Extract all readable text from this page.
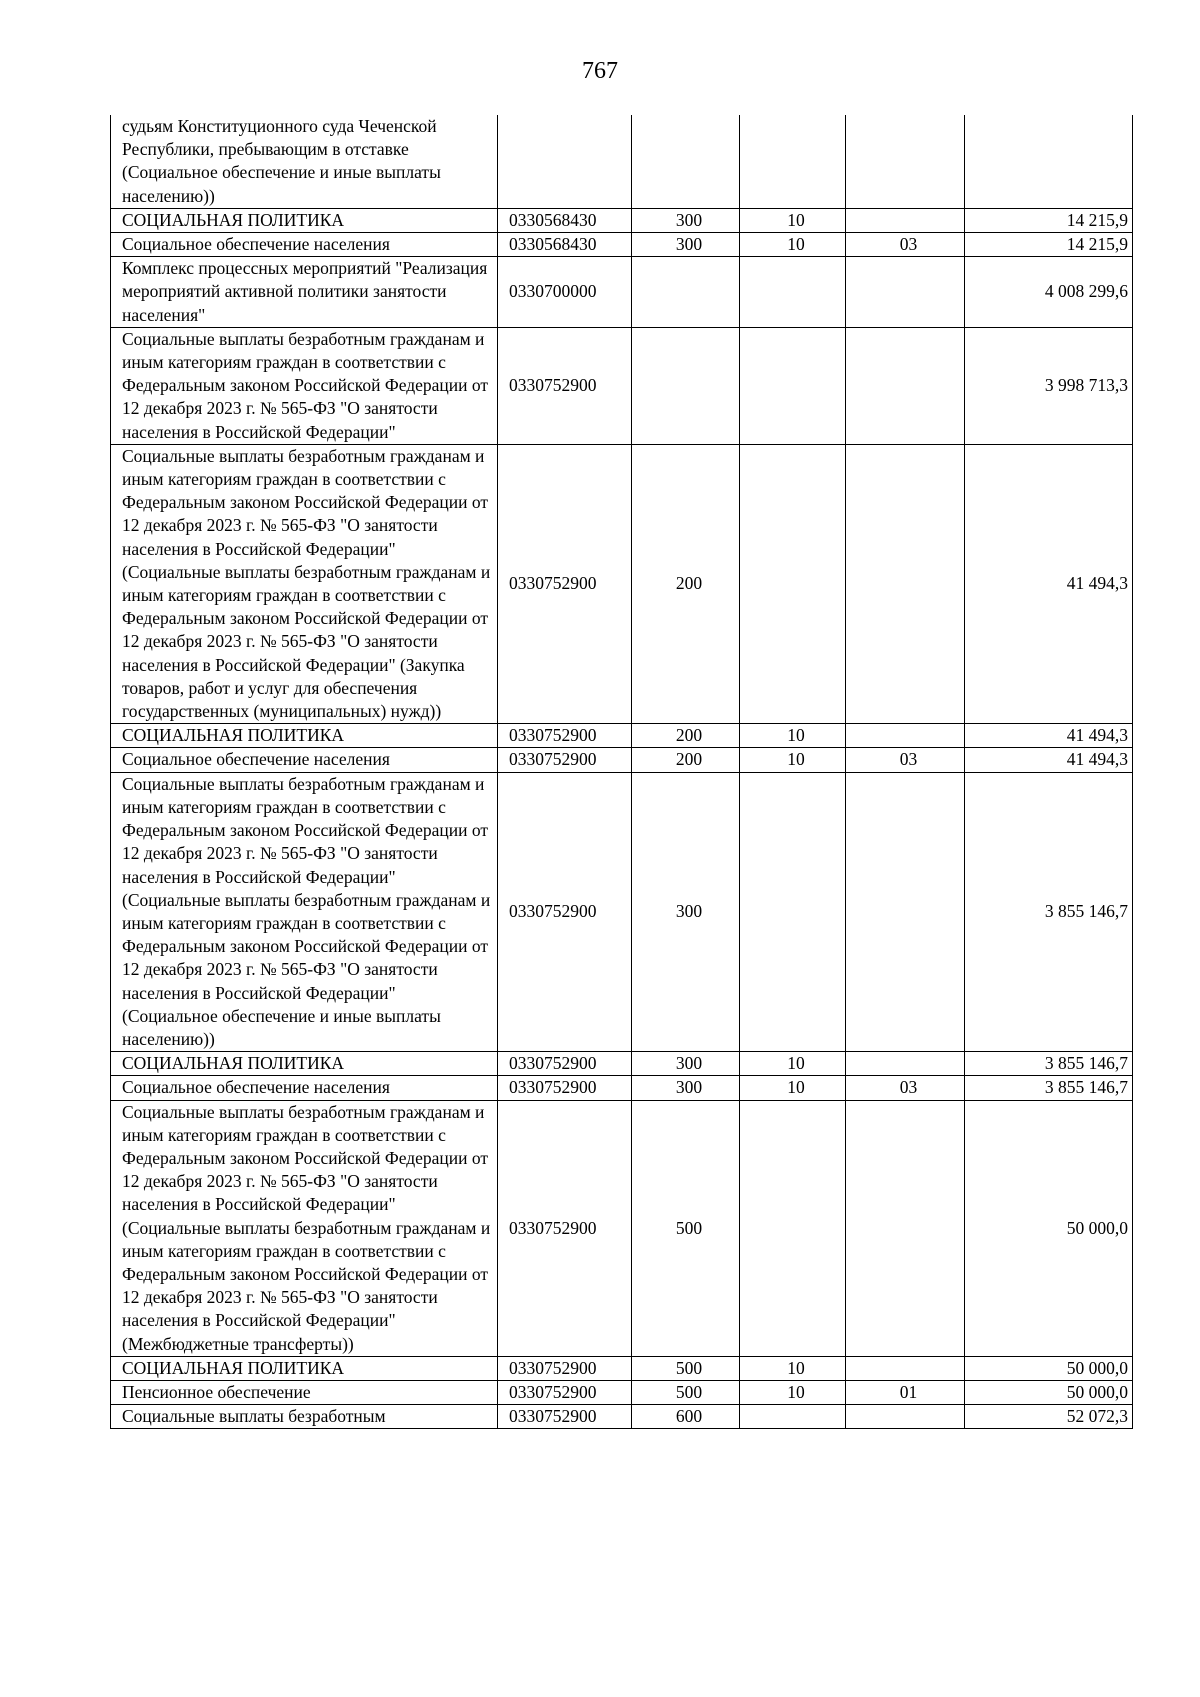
767
судьям Конституционного суда Чеченской Республики, пребывающим в отставке (Социальное обеспечение и иные выплаты населению))					
СОЦИАЛЬНАЯ ПОЛИТИКА	0330568430	300	10		14 215,9
Социальное обеспечение населения	0330568430	300	10	03	14 215,9
Комплекс процессных мероприятий "Реализация мероприятий активной политики занятости населения"	0330700000				4 008 299,6
Социальные выплаты безработным гражданам и иным категориям граждан в соответствии с Федеральным законом Российской Федерации от 12 декабря 2023 г. № 565-ФЗ "О занятости населения в Российской Федерации"	0330752900				3 998 713,3
Социальные выплаты безработным гражданам и иным категориям граждан в соответствии с Федеральным законом Российской Федерации от 12 декабря 2023 г. № 565-ФЗ "О занятости населения в Российской Федерации" (Социальные выплаты безработным гражданам и иным категориям граждан в соответствии с Федеральным законом Российской Федерации от 12 декабря 2023 г. № 565-ФЗ "О занятости населения в Российской Федерации" (Закупка товаров, работ и услуг для обеспечения государственных (муниципальных) нужд))	0330752900	200			41 494,3
СОЦИАЛЬНАЯ ПОЛИТИКА	0330752900	200	10		41 494,3
Социальное обеспечение населения	0330752900	200	10	03	41 494,3
Социальные выплаты безработным гражданам и иным категориям граждан в соответствии с Федеральным законом Российской Федерации от 12 декабря 2023 г. № 565-ФЗ "О занятости населения в Российской Федерации" (Социальные выплаты безработным гражданам и иным категориям граждан в соответствии с Федеральным законом Российской Федерации от 12 декабря 2023 г. № 565-ФЗ "О занятости населения в Российской Федерации" (Социальное обеспечение и иные выплаты населению))	0330752900	300			3 855 146,7
СОЦИАЛЬНАЯ ПОЛИТИКА	0330752900	300	10		3 855 146,7
Социальное обеспечение населения	0330752900	300	10	03	3 855 146,7
Социальные выплаты безработным гражданам и иным категориям граждан в соответствии с Федеральным законом Российской Федерации от 12 декабря 2023 г. № 565-ФЗ "О занятости населения в Российской Федерации" (Социальные выплаты безработным гражданам и иным категориям граждан в соответствии с Федеральным законом Российской Федерации от 12 декабря 2023 г. № 565-ФЗ "О занятости населения в Российской Федерации" (Межбюджетные трансферты))	0330752900	500			50 000,0
СОЦИАЛЬНАЯ ПОЛИТИКА	0330752900	500	10		50 000,0
Пенсионное обеспечение	0330752900	500	10	01	50 000,0
Социальные выплаты безработным	0330752900	600			52 072,3
